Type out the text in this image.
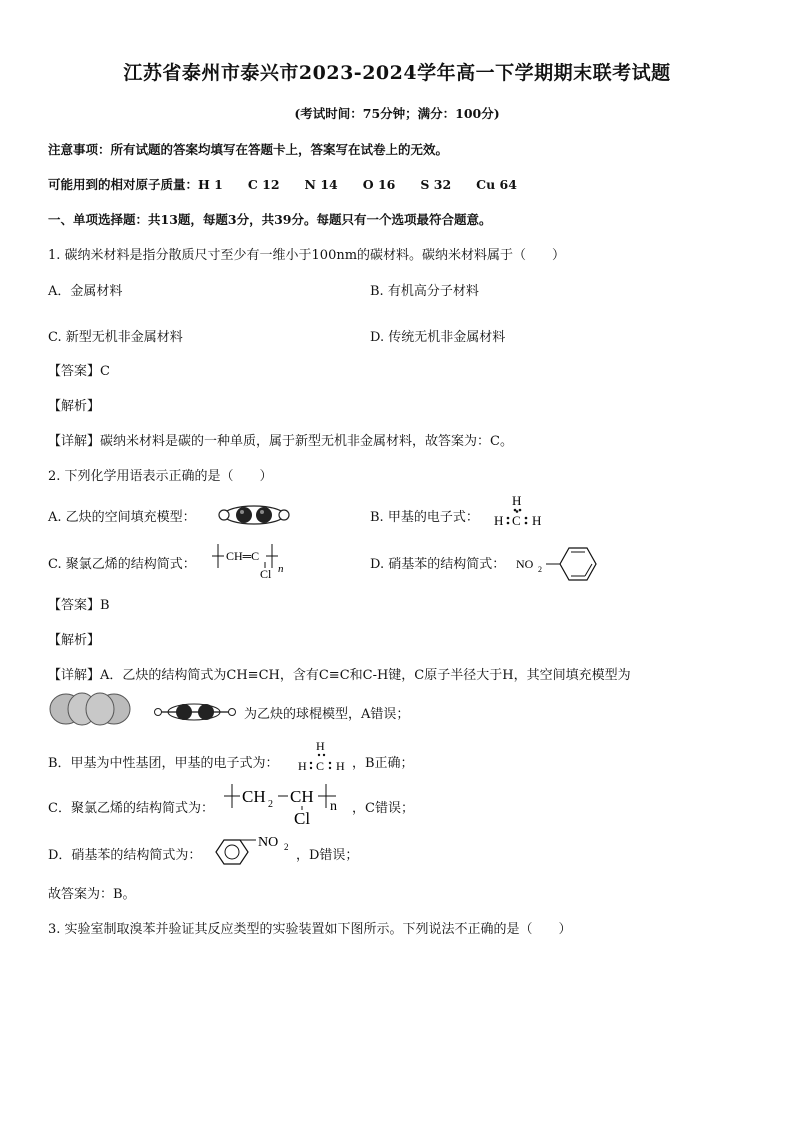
江苏省泰州市泰兴市2023-2024学年高一下学期期末联考试题
(考试时间：75分钟；满分：100分)
注意事项：所有试题的答案均填写在答题卡上，答案写在试卷上的无效。
可能用到的相对原子质量：H 1　　C 12　　N 14　　O 16　　S 32　　Cu 64
一、单项选择题：共13题，每题3分，共39分。每题只有一个选项最符合题意。
1. 碳纳米材料是指分散质尺寸至少有一维小于100nm的碳材料。碳纳米材料属于（　　）
A．金属材料	B. 有机高分子材料
C. 新型无机非金属材料	D. 传统无机非金属材料
【答案】C
【解析】
【详解】碳纳米材料是碳的一种单质，属于新型无机非金属材料，故答案为：C。
2. 下列化学用语表示正确的是（　　）
A. 乙炔的空间填充模型：	B. 甲基的电子式：
H
H C H
C. 聚氯乙烯的结构简式：
CH═C
Cl n	D. 硝基苯的结构简式： NO 2
【答案】B
【解析】
【详解】A．乙炔的结构简式为CH≡CH，含有C≡C和C-H键，C原子半径大于H，其空间填充模型为
为乙炔的球棍模型，A错误；
B．甲基为中性基团，甲基的电子式为：
H
H C H ，B正确；
C．聚氯乙烯的结构简式为：
CH 2 CH
Cl
n ，C错误；
D．硝基苯的结构简式为：
NO 2
，D错误；
故答案为：B。
3. 实验室制取溴苯并验证其反应类型的实验装置如下图所示。下列说法不正确的是（　　）
